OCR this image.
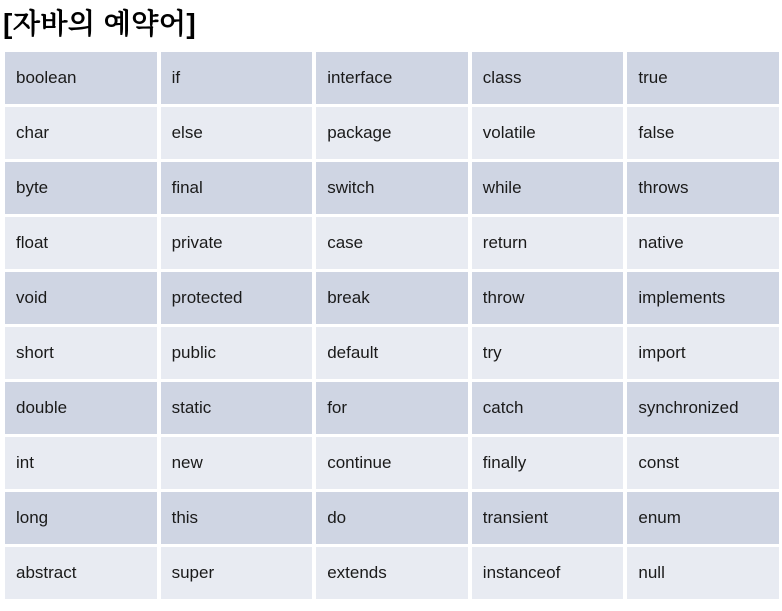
[자바의 예약어]
boolean	if	interface	class	true
char	else	package	volatile	false
byte	final	switch	while	throws
float	private	case	return	native
void	protected	break	throw	implements
short	public	default	try	import
double	static	for	catch	synchronized
int	new	continue	finally	const
long	this	do	transient	enum
abstract	super	extends	instanceof	null
